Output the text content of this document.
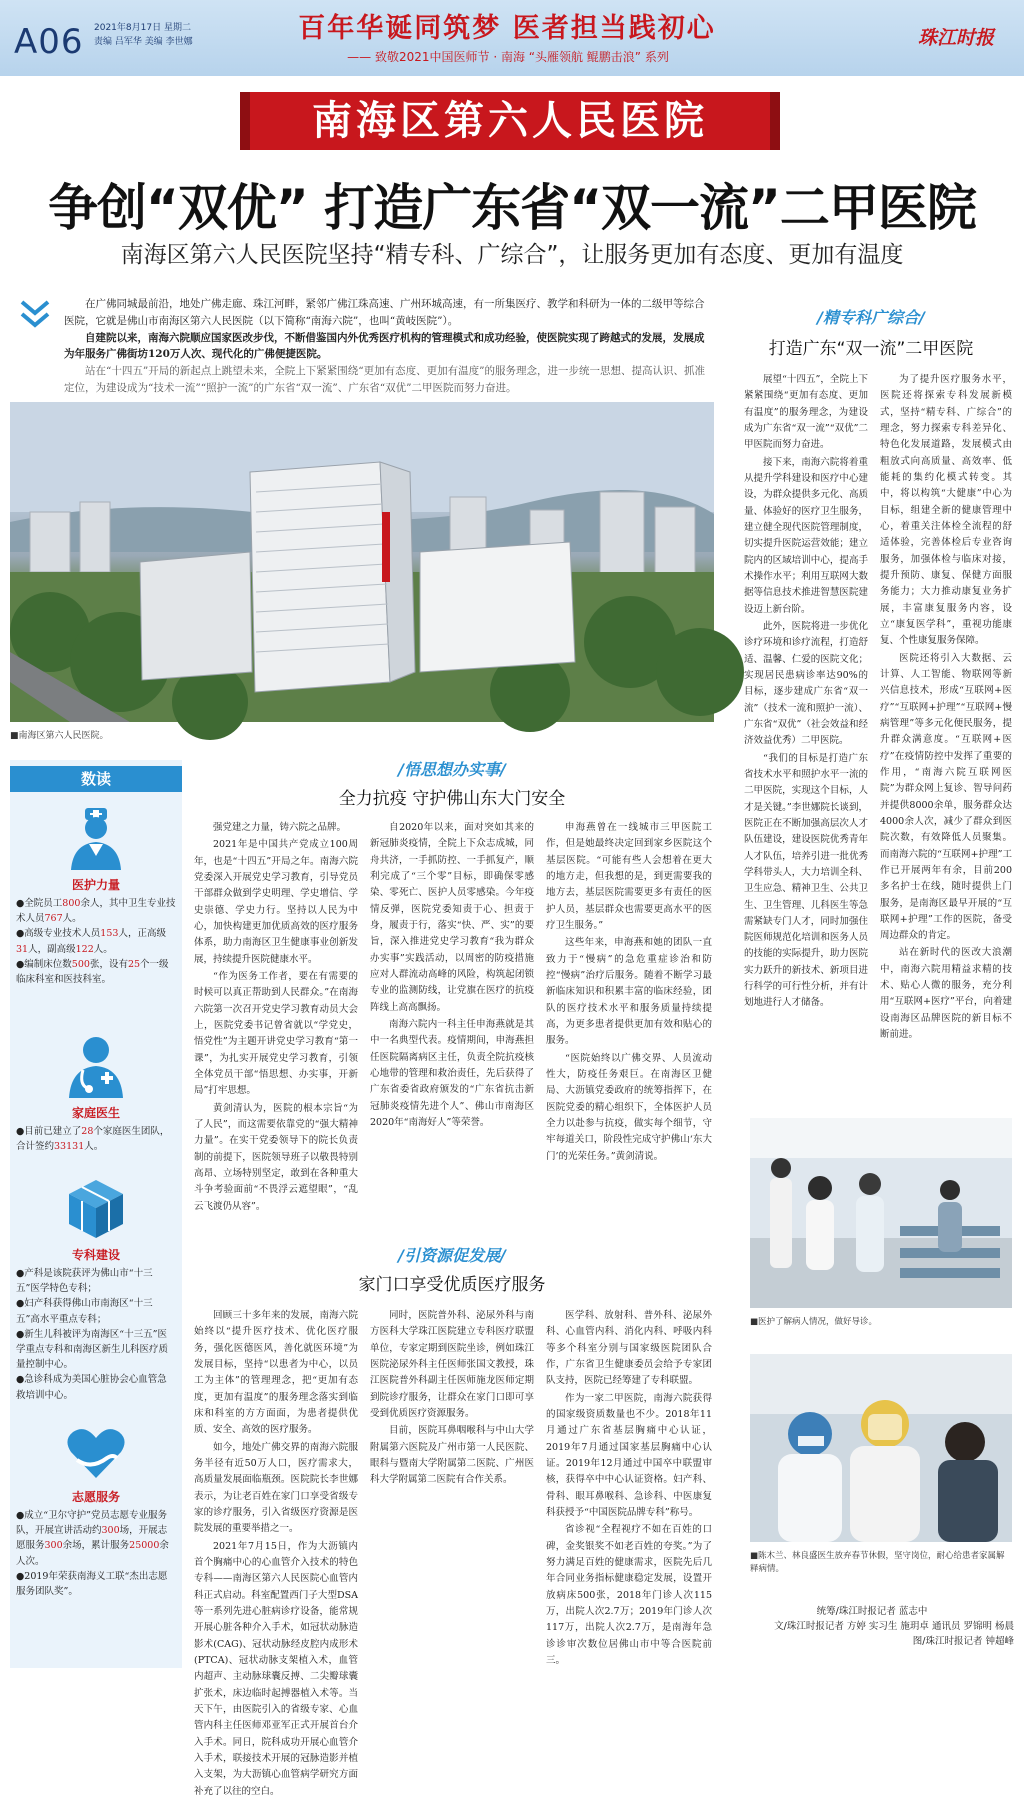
A06 2021年8月17日 星期二
责编 吕军华 美编 李世娜	百年华诞同筑梦 医者担当践初心
—— 致敬2021中国医师节 · 南海 “头雁领航 鲲鹏击浪” 系列
珠江时报
南海区第六人民医院
争创“双优” 打造广东省“双一流”二甲医院
南海区第六人民医院坚持“精专科、广综合”，让服务更加有态度、更加有温度

在广佛同城最前沿，地处广佛走廊、珠江河畔，紧邻广佛江珠高速、广州环城高速，有一所集医疗、教学和科研为一体的二级甲等综合医院，它就是佛山市南海区第六人民医院（以下简称“南海六院”，也叫“黄岐医院”）。

自建院以来，南海六院顺应国家医改步伐，不断借鉴国内外优秀医疗机构的管理模式和成功经验，使医院实现了跨越式的发展，发展成为年服务广佛街坊120万人次、现代化的广佛便捷医院。

站在“十四五”开局的新起点上跳望未来，全院上下紧紧围绕“更加有态度、更加有温度”的服务理念，进一步统一思想、提高认识、抓准定位，为建设成为“技术一流”“照护一流”的广东省“双一流”、广东省“双优”二甲医院而努力奋进。

■南海区第六人民医院。
数读
医护力量
●全院员工800余人，其中卫生专业技术人员767人。
●高级专业技术人员153人，正高级31人，副高级122人。
●编制床位数500张，设有25个一级临床科室和医技科室。
家庭医生
●目前已建立了28个家庭医生团队，合计签约33131人。
专科建设
●产科是该院获评为佛山市“十三五”医学特色专科；
●妇产科获得佛山市南海区“十三五”高水平重点专科；
●新生儿科被评为南海区“十三五”医学重点专科和南海区新生儿科医疗质量控制中心。
●急诊科成为美国心脏协会心血管急救培训中心。
志愿服务
●成立“卫尔守护”党员志愿专业服务队，开展宣讲活动约300场，开展志愿服务300余场，累计服务25000余人次。
●2019年荣获南海义工联“杰出志愿服务团队奖”。
/悟思想办实事/
全力抗疫 守护佛山东大门安全

强党建之力量，铸六院之品牌。

2021年是中国共产党成立100周年，也是“十四五”开局之年。南海六院党委深入开展党史学习教育，引导党员干部群众做到学史明理、学史增信、学史崇德、学史力行。坚持以人民为中心，加快构建更加优质高效的医疗服务体系，助力南海区卫生健康事业创新发展，持续提升医院健康水平。

“作为医务工作者，要在有需要的时候可以真正帮助到人民群众。”在南海六院第一次召开党史学习教育动员大会上，医院党委书记曾省就以“学党史，悟党性”为主题开讲党史学习教育“第一课”，为扎实开展党史学习教育，引领全体党员干部“悟思想、办实事，开新局”打牢思想。

黄剑清认为，医院的根本宗旨“为了人民”，而这需要依靠党的“强大精神力量”。在实干党委领导下的院长负责制的前提下，医院领导班子以敬畏特别高昂、立场特别坚定，敢到在各种重大斗争考验面前“不畏浮云遮望眼”，“乱云飞渡仍从容”。

自2020年以来，面对突如其来的新冠肺炎疫情，全院上下众志成城，同舟共济，一手抓防控、一手抓复产，顺利完成了“三个零”目标，即确保零感染、零死亡、医护人员零感染。今年疫情反弹，医院党委知责于心、担责于身，履责于行，落实“快、严、实”的要旨，深入推进党史学习教育“我为群众办实事”实践活动，以周密的防疫措施应对人群流动高峰的风险，构筑起闭锁专业的监测防线，让党旗在医疗的抗疫阵线上高高飘扬。

南海六院内一科主任申海燕就是其中一名典型代表。疫情期间，申海燕担任医院隔离病区主任，负责全院抗疫核心地带的管理和救治责任，先后获得了广东省委省政府颁发的“广东省抗击新冠肺炎疫情先进个人”、佛山市南海区2020年“南海好人”等荣誉。

申海燕曾在一线城市三甲医院工作，但是她最终决定回到家乡医院这个基层医院。“可能有些人会想着在更大的地方走，但我想的是，到更需要我的地方去，基层医院需要更多有责任的医护人员，基层群众也需要更高水平的医疗卫生服务。”

这些年来，申海燕和她的团队一直致力于“慢病”的急危重症诊治和防控“慢病”治疗后服务。随着不断学习最新临床知识和积累丰富的临床经验，团队的医疗技术水平和服务质量持续提高，为更多患者提供更加有效和贴心的服务。

“医院始终以广佛交界、人员流动性大，防疫任务艰巨。在南海区卫健局、大沥镇党委政府的统筹指挥下，在医院党委的精心组织下，全体医护人员全力以赴参与抗疫，做实每个细节，守牢每道关口，阶段性完成守护佛山‘东大门’的光荣任务。”黄剑清说。

/引资源促发展/
家门口享受优质医疗服务

回顾三十多年来的发展，南海六院始终以“提升医疗技术、优化医疗服务，强化医德医风，善化就医环境”为发展目标，坚持“以患者为中心，以员工为主体”的管理理念，把“更加有态度，更加有温度”的服务理念落实到临床和科室的方方面面，为患者提供优质、安全、高效的医疗服务。

如今，地处广佛交界的南海六院服务半径有近50万人口，医疗需求大，高质量发展面临瓶颈。医院院长李世娜表示，为让老百姓在家门口享受省级专家的诊疗服务，引入省级医疗资源是医院发展的重要举措之一。

2021年7月15日，作为大沥镇内首个胸痛中心的心血管介入技术的特色专科——南海区第六人民医院心血管内科正式启动。科室配置西门子大型DSA等一系列先进心脏病诊疗设备，能常规开展心脏各种介入手术，如冠状动脉造影术(CAG)、冠状动脉经皮腔内成形术(PTCA)、冠状动脉支架植入术，血管内超声、主动脉球囊反搏、二尖瓣球囊扩张术，床边临时起搏器植入术等。当天下午，由医院引入的省级专家、心血管内科主任医师邓亚军正式开展首台介入手术。同日，院科成功开展心血管介入手术，联接技术开展的冠脉造影并植入支架，为大沥镇心血管病学研究方面补充了以往的空白。

同时，医院普外科、泌尿外科与南方医科大学珠江医院建立专科医疗联盟单位，专家定期到医院坐诊，例如珠江医院泌尿外科主任医师张国文教授，珠江医院普外科副主任医师施龙医师定期到院诊疗服务，让群众在家门口即可享受到优质医疗资源服务。

目前，医院耳鼻咽喉科与中山大学附属第六医院及广州市第一人民医院、眼科与暨南大学附属第二医院、广州医科大学附属第二医院有合作关系。

医学科、放射科、普外科、泌尿外科、心血管内科、消化内科、呼吸内科等多个科室分别与国家级医院团队合作，广东省卫生健康委员会给予专家团队支持，医院已经筹建了专科联盟。

作为一家二甲医院，南海六院获得的国家级资质数量也不少。2018年11月通过广东省基层胸痛中心认证，2019年7月通过国家基层胸痛中心认证。2019年12月通过中国卒中联盟审核，获得卒中中心认证资格。妇产科、骨科、眼耳鼻喉科、急诊科、中医康复科获授予“中国医院品牌专科”称号。

省诊视“全程视疗不如在百姓的口碑，金奖银奖不如老百姓的夸奖。”为了努力满足百姓的健康需求，医院先后几年合同业务指标健康稳定发展，设置开放病床500张，2018年门诊人次115万，出院人次2.7万；2019年门诊人次117万，出院人次2.7万，是南海年急诊诊审次数位居佛山市中等合医院前三。

/精专科广综合/
打造广东“双一流”二甲医院

展望“十四五”，全院上下紧紧围绕“更加有态度、更加有温度”的服务理念，为建设成为广东省“双一流”“双优”二甲医院而努力奋进。

接下来，南海六院将着重从提升学科建设和医疗中心建设，为群众提供多元化、高质量、体验好的医疗卫生服务，建立健全现代医院管理制度，切实提升医院运营效能；建立院内的区域培训中心，提高手术操作水平；利用互联网大数据等信息技术推进智慧医院建设迈上新台阶。

此外，医院将进一步优化诊疗环境和诊疗流程，打造舒适、温馨、仁爱的医院文化；实现居民患病诊率达90%的目标，逐步建成广东省“双一流”（技术一流和照护一流）、广东省“双优”（社会效益和经济效益优秀）二甲医院。

“我们的目标是打造广东省技术水平和照护水平一流的二甲医院，实现这个目标，人才是关键。”李世娜院长谈到，医院正在不断加强高层次人才队伍建设，建设医院优秀青年人才队伍，培养引进一批优秀学科带头人，大力培训全科、卫生应急、精神卫生、公共卫生、卫生管理、儿科医生等急需紧缺专门人才，同时加强住院医师规范化培训和医务人员的技能的实际提升，助力医院实力跃升的新技术、新项目进行科学的可行性分析，并有计划地进行人才储备。

为了提升医疗服务水平，医院还将探索专科发展新模式，坚持“精专科、广综合”的理念，努力探索专科差异化、特色化发展道路，发展模式由粗放式向高质量、高效率、低能耗的集约化模式转变。其中，将以构筑“大健康”中心为目标，组建全新的健康管理中心，着重关注体检全流程的舒适体验，完善体检后专业咨询服务，加强体检与临床对接，提升预防、康复、保健方面服务能力；大力推动康复业务扩展，丰富康复服务内容，设立“康复医学科”，重视功能康复、个性康复服务保障。

医院还将引入大数据、云计算、人工智能、物联网等新兴信息技术，形成“互联网+医疗”“互联网+护理”“互联网+慢病管理”等多元化便民服务，提升群众满意度。“互联网+医疗”在疫情防控中发挥了重要的作用，“南海六院互联网医院”为群众网上复诊、智导问药并提供8000余单，服务群众达4000余人次，减少了群众到医院次数，有效降低人员聚集。而南海六院的“互联网+护理”工作已开展两年有余，目前200多名护士在线，随时提供上门服务，是南海区最早开展的“互联网+护理”工作的医院，备受周边群众的肯定。

站在新时代的医改大浪潮中，南海六院用精益求精的技术、贴心人微的服务，充分利用“互联网+医疗”平台，向着建设南海区品牌医院的新目标不断前进。

■医护了解病人情况，做好导诊。
■陈木兰、林良盛医生放弃春节休假，坚守岗位，耐心给患者家属解释病情。
统筹/珠江时报记者 蓝志中
文/珠江时报记者 方婷 实习生 施玥卓 通讯员 罗锦明 杨晨
图/珠江时报记者 钟超峰
